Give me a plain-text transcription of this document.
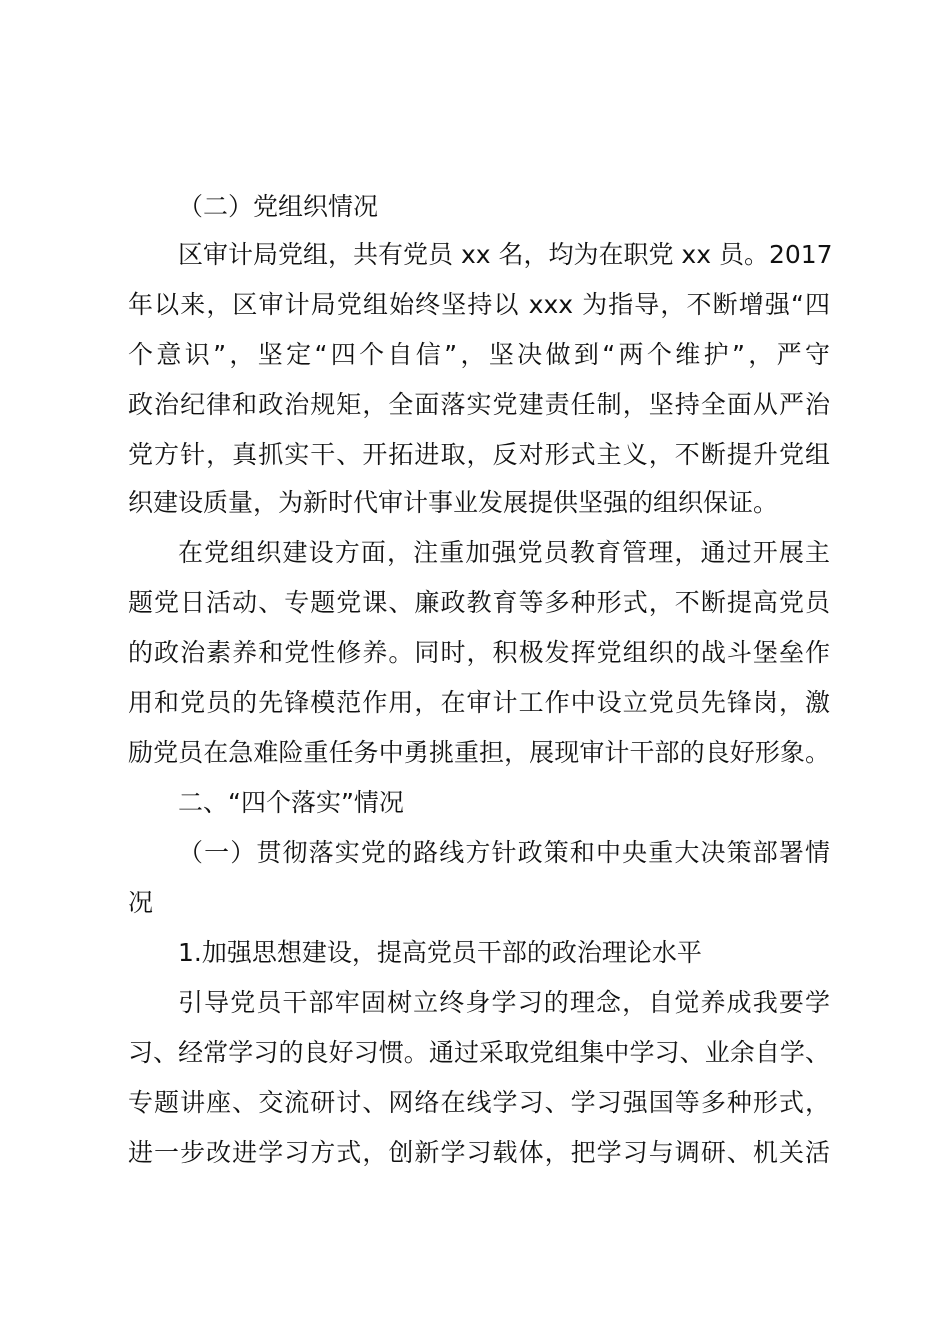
（二）党组织情况
区审计局党组，共有党员 xx 名，均为在职党 xx 员。2017
年以来，区审计局党组始终坚持以 xxx 为指导，不断增强“四
个意识”，坚定“四个自信”，坚决做到“两个维护”，严守
政治纪律和政治规矩，全面落实党建责任制，坚持全面从严治
党方针，真抓实干、开拓进取，反对形式主义，不断提升党组
织建设质量，为新时代审计事业发展提供坚强的组织保证。
在党组织建设方面，注重加强党员教育管理，通过开展主
题党日活动、专题党课、廉政教育等多种形式，不断提高党员
的政治素养和党性修养。同时，积极发挥党组织的战斗堡垒作
用和党员的先锋模范作用，在审计工作中设立党员先锋岗，激
励党员在急难险重任务中勇挑重担，展现审计干部的良好形象。
二、“四个落实”情况
（一）贯彻落实党的路线方针政策和中央重大决策部署情
况
1.加强思想建设，提高党员干部的政治理论水平
引导党员干部牢固树立终身学习的理念，自觉养成我要学
习、经常学习的良好习惯。通过采取党组集中学习、业余自学、
专题讲座、交流研讨、网络在线学习、学习强国等多种形式，
进一步改进学习方式，创新学习载体，把学习与调研、机关活
